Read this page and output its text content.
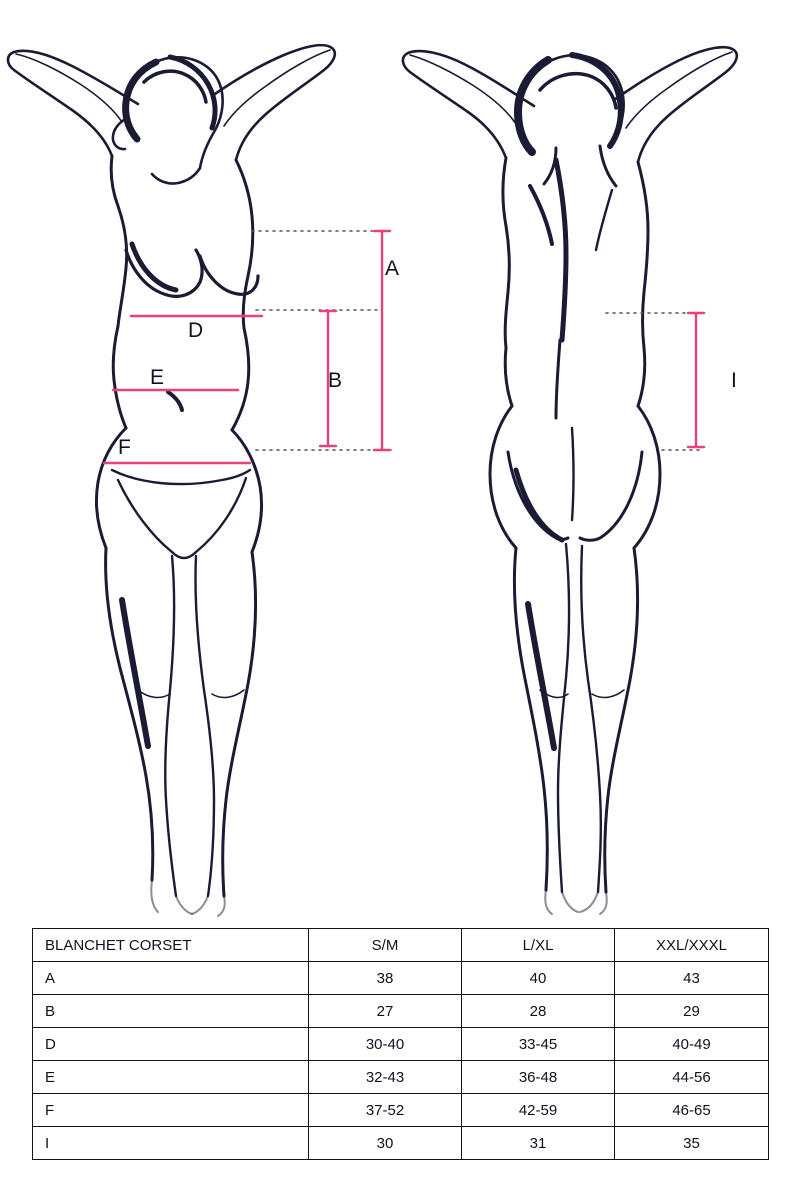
A
B
D
E
F
I
BLANCHET CORSET	S/M	L/XL	XXL/XXXL
A	38	40	43
B	27	28	29
D	30-40	33-45	40-49
E	32-43	36-48	44-56
F	37-52	42-59	46-65
I	30	31	35
